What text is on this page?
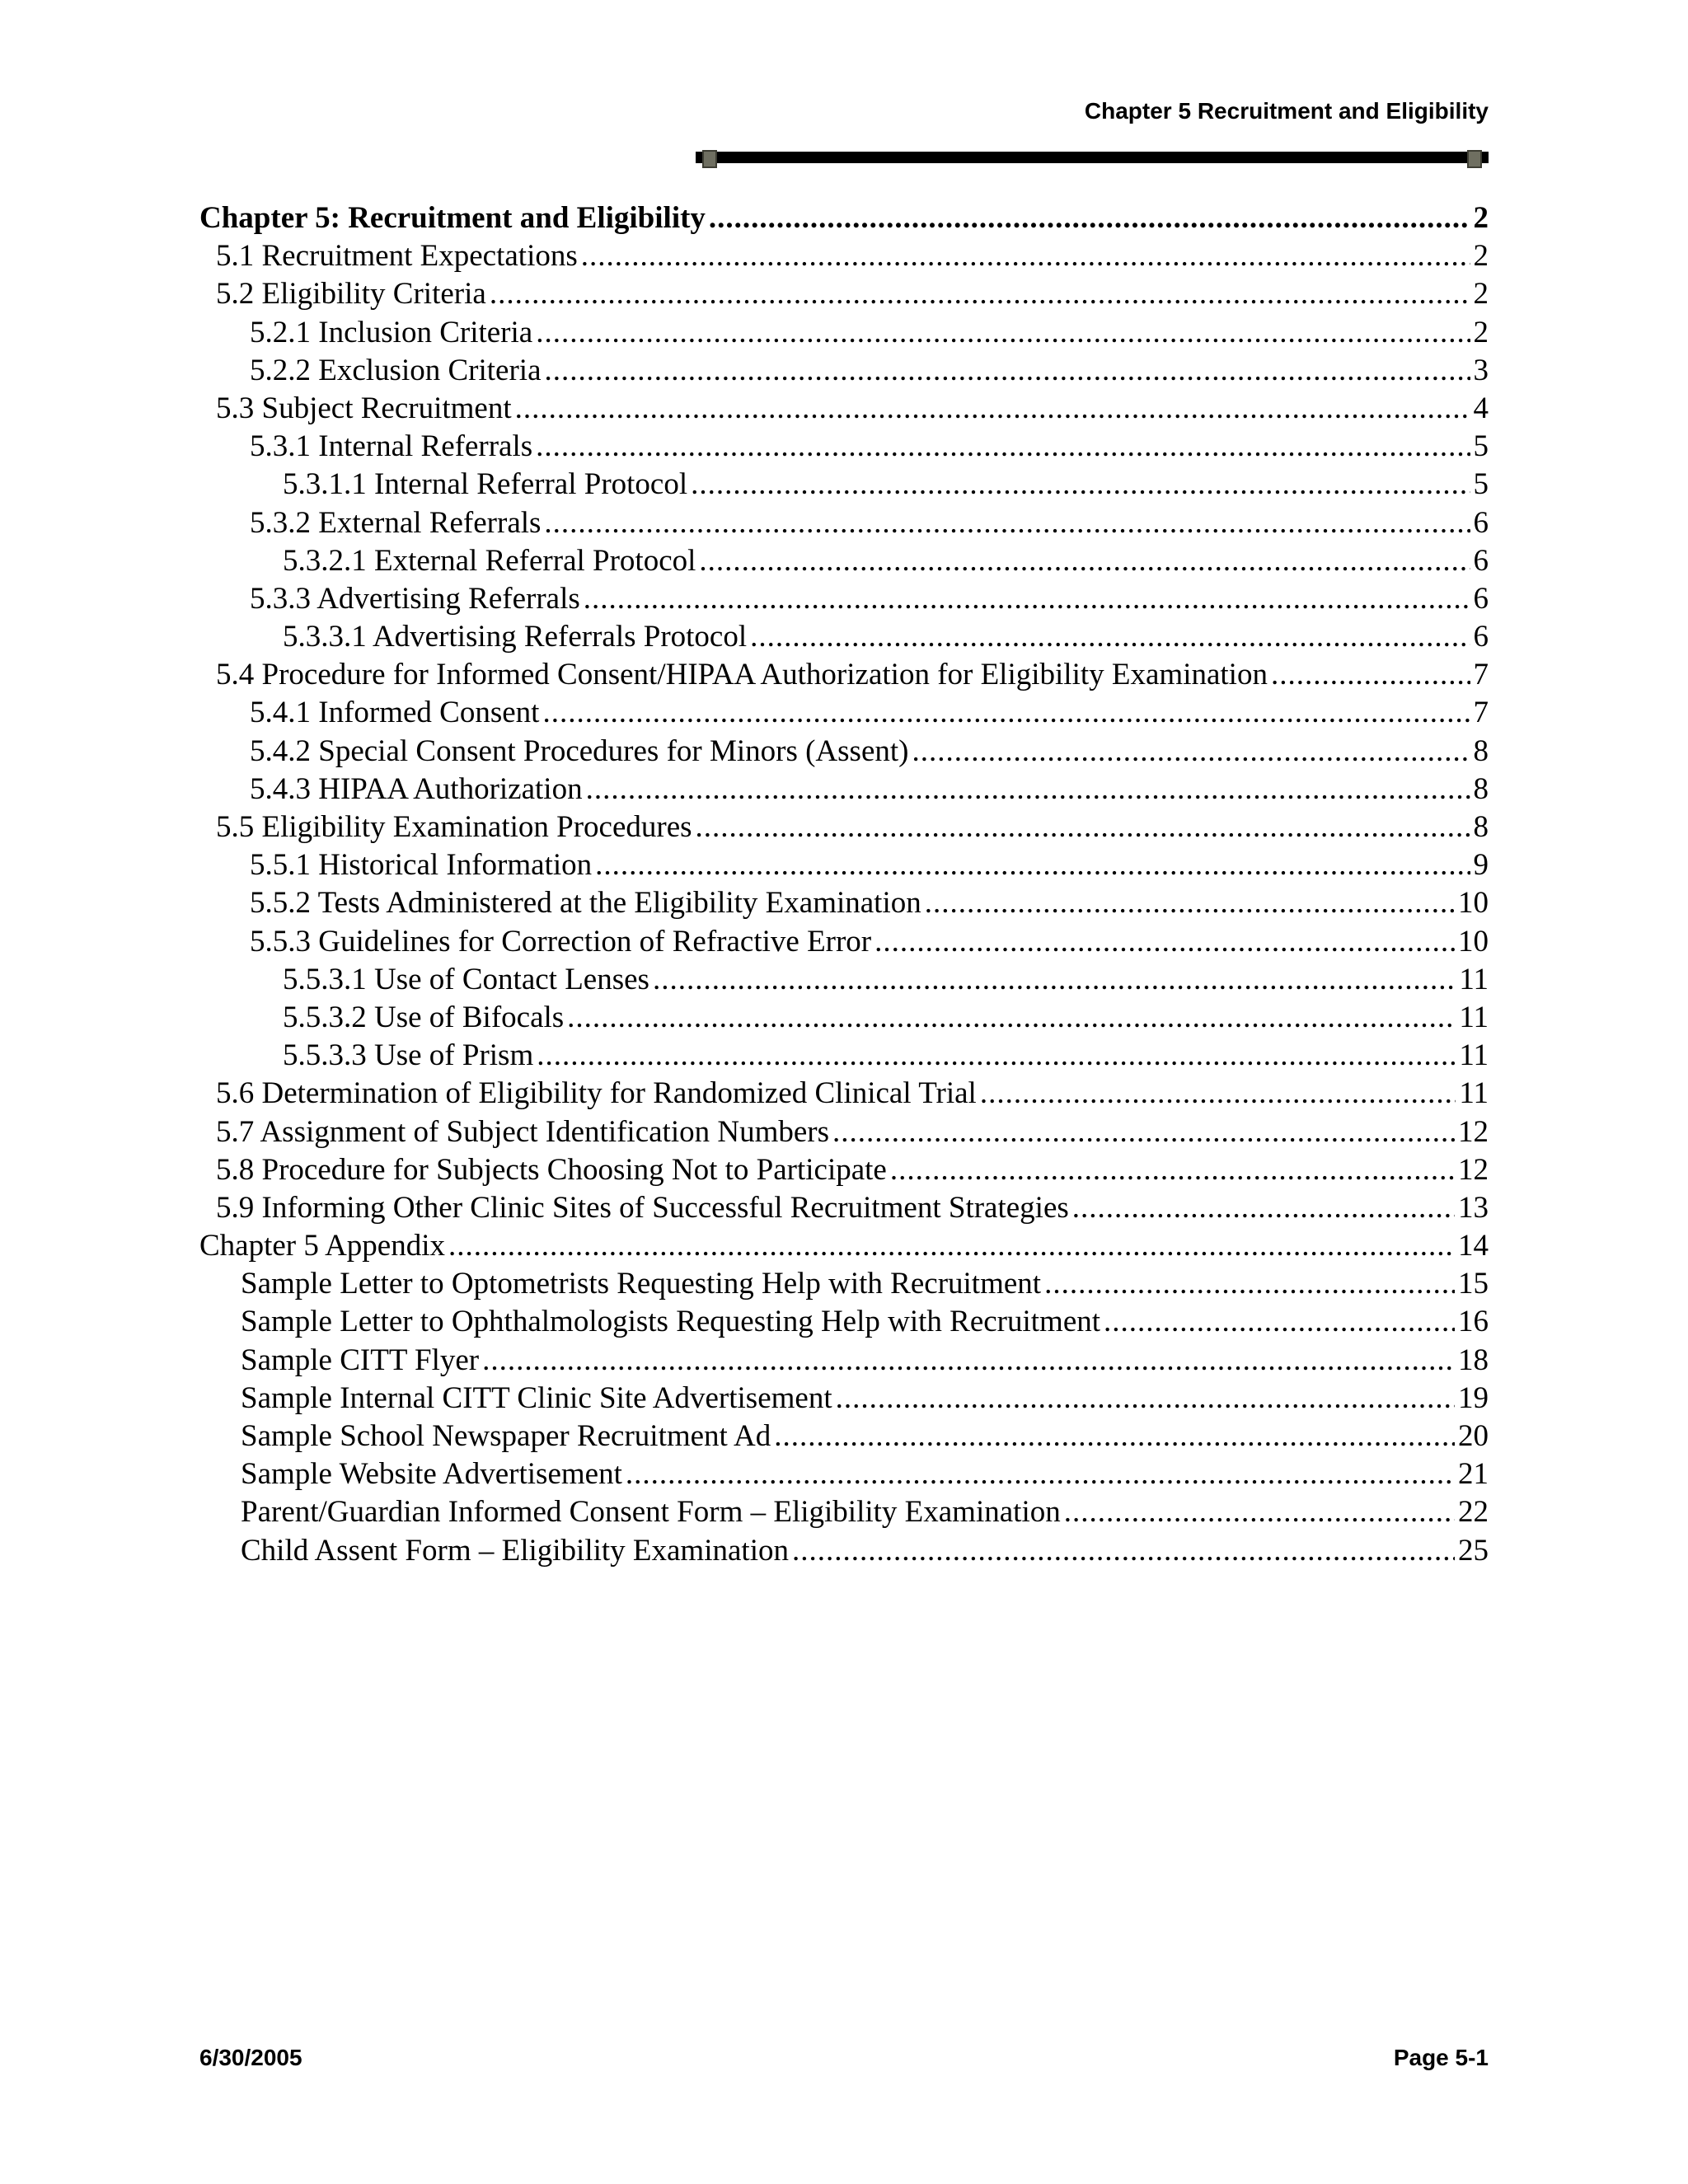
Chapter 5 Recruitment and Eligibility
Chapter 5: Recruitment and Eligibility .....	2
5.1 Recruitment Expectations .....	2
5.2 Eligibility Criteria .....	2
5.2.1 Inclusion Criteria .....	2
5.2.2 Exclusion Criteria .....	3
5.3 Subject Recruitment .....	4
5.3.1 Internal Referrals .....	5
5.3.1.1 Internal Referral Protocol .....	5
5.3.2 External Referrals .....	6
5.3.2.1 External Referral Protocol .....	6
5.3.3 Advertising Referrals .....	6
5.3.3.1 Advertising Referrals Protocol .....	6
5.4 Procedure for Informed Consent/HIPAA Authorization for Eligibility Examination .....	7
5.4.1 Informed Consent .....	7
5.4.2 Special Consent Procedures for Minors (Assent) .....	8
5.4.3 HIPAA Authorization .....	8
5.5 Eligibility Examination Procedures .....	8
5.5.1 Historical Information .....	9
5.5.2 Tests Administered at the Eligibility Examination .....	10
5.5.3 Guidelines for Correction of Refractive Error .....	10
5.5.3.1 Use of Contact Lenses .....	11
5.5.3.2 Use of Bifocals .....	11
5.5.3.3 Use of Prism .....	11
5.6 Determination of Eligibility for Randomized Clinical Trial .....	11
5.7 Assignment of Subject Identification Numbers .....	12
5.8 Procedure for Subjects Choosing Not to Participate .....	12
5.9 Informing Other Clinic Sites of Successful Recruitment Strategies .....	13
Chapter 5 Appendix .....	14
Sample Letter to Optometrists Requesting Help with Recruitment .....	15
Sample Letter to Ophthalmologists Requesting Help with Recruitment .....	16
Sample CITT Flyer .....	18
Sample Internal CITT Clinic Site Advertisement .....	19
Sample School Newspaper Recruitment Ad .....	20
Sample Website Advertisement .....	21
Parent/Guardian Informed Consent Form – Eligibility Examination .....	22
Child Assent Form – Eligibility Examination .....	25
6/30/2005	Page 5-1
